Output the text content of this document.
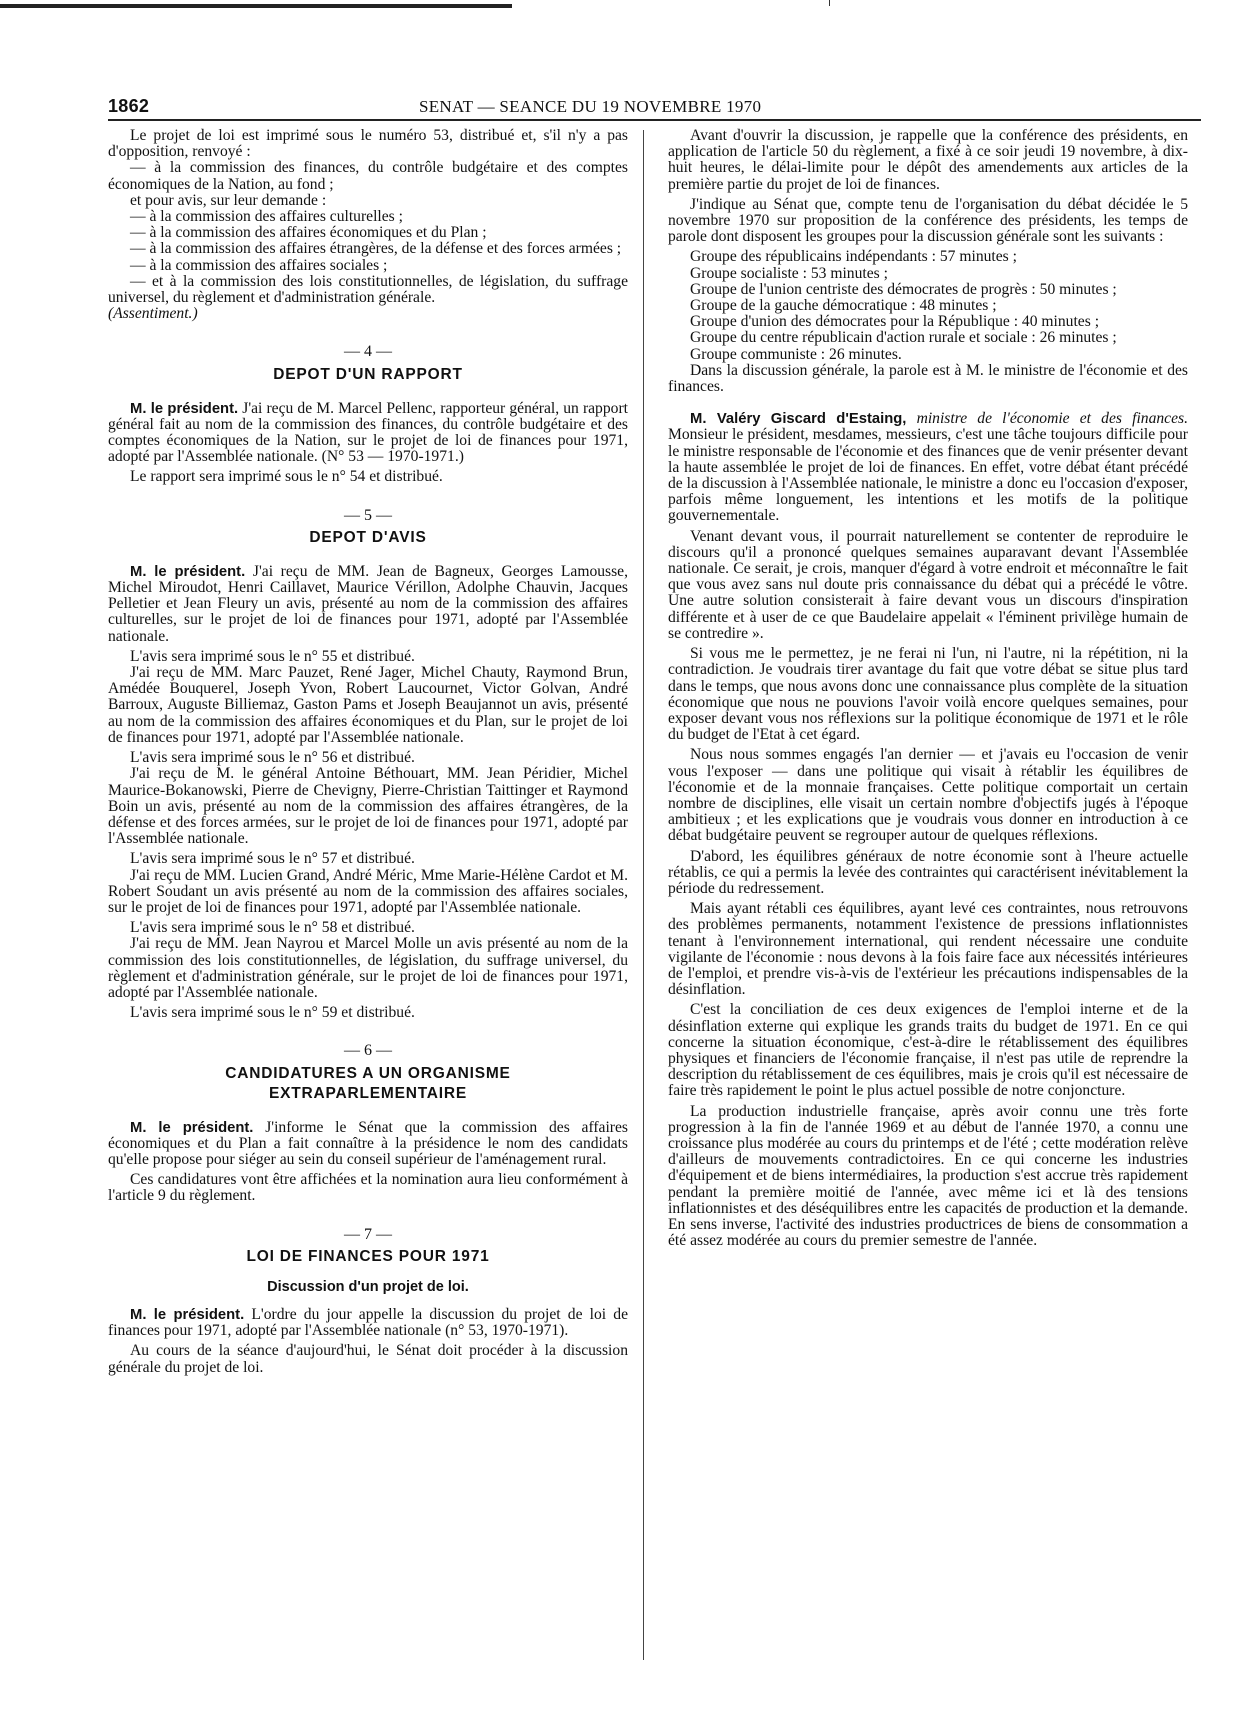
1862	SENAT — SEANCE DU 19 NOVEMBRE 1970

Le projet de loi est imprimé sous le numéro 53, distribué et, s'il n'y a pas d'opposition, renvoyé :

— à la commission des finances, du contrôle budgétaire et des comptes économiques de la Nation, au fond ;

et pour avis, sur leur demande :

— à la commission des affaires culturelles ;

— à la commission des affaires économiques et du Plan ;

— à la commission des affaires étrangères, de la défense et des forces armées ;

— à la commission des affaires sociales ;

— et à la commission des lois constitutionnelles, de législation, du suffrage universel, du règlement et d'administration générale.

(Assentiment.)

— 4 —
DEPOT D'UN RAPPORT

M. le président. J'ai reçu de M. Marcel Pellenc, rapporteur général, un rapport général fait au nom de la commission des finances, du contrôle budgétaire et des comptes économiques de la Nation, sur le projet de loi de finances pour 1971, adopté par l'Assemblée nationale. (N° 53 — 1970-1971.)

Le rapport sera imprimé sous le n° 54 et distribué.

— 5 —
DEPOT D'AVIS

M. le président. J'ai reçu de MM. Jean de Bagneux, Georges Lamousse, Michel Miroudot, Henri Caillavet, Maurice Vérillon, Adolphe Chauvin, Jacques Pelletier et Jean Fleury un avis, présenté au nom de la commission des affaires culturelles, sur le projet de loi de finances pour 1971, adopté par l'Assemblée nationale.

L'avis sera imprimé sous le n° 55 et distribué.

J'ai reçu de MM. Marc Pauzet, René Jager, Michel Chauty, Raymond Brun, Amédée Bouquerel, Joseph Yvon, Robert Laucournet, Victor Golvan, André Barroux, Auguste Billiemaz, Gaston Pams et Joseph Beaujannot un avis, présenté au nom de la commission des affaires économiques et du Plan, sur le projet de loi de finances pour 1971, adopté par l'Assemblée nationale.

L'avis sera imprimé sous le n° 56 et distribué.

J'ai reçu de M. le général Antoine Béthouart, MM. Jean Péridier, Michel Maurice-Bokanowski, Pierre de Chevigny, Pierre-Christian Taittinger et Raymond Boin un avis, présenté au nom de la commission des affaires étrangères, de la défense et des forces armées, sur le projet de loi de finances pour 1971, adopté par l'Assemblée nationale.

L'avis sera imprimé sous le n° 57 et distribué.

J'ai reçu de MM. Lucien Grand, André Méric, Mme Marie-Hélène Cardot et M. Robert Soudant un avis présenté au nom de la commission des affaires sociales, sur le projet de loi de finances pour 1971, adopté par l'Assemblée nationale.

L'avis sera imprimé sous le n° 58 et distribué.

J'ai reçu de MM. Jean Nayrou et Marcel Molle un avis présenté au nom de la commission des lois constitutionnelles, de législation, du suffrage universel, du règlement et d'administration générale, sur le projet de loi de finances pour 1971, adopté par l'Assemblée nationale.

L'avis sera imprimé sous le n° 59 et distribué.

— 6 —
CANDIDATURES A UN ORGANISME
EXTRAPARLEMENTAIRE

M. le président. J'informe le Sénat que la commission des affaires économiques et du Plan a fait connaître à la présidence le nom des candidats qu'elle propose pour siéger au sein du conseil supérieur de l'aménagement rural.

Ces candidatures vont être affichées et la nomination aura lieu conformément à l'article 9 du règlement.

— 7 —
LOI DE FINANCES POUR 1971
Discussion d'un projet de loi.

M. le président. L'ordre du jour appelle la discussion du projet de loi de finances pour 1971, adopté par l'Assemblée nationale (n° 53, 1970-1971).

Au cours de la séance d'aujourd'hui, le Sénat doit procéder à la discussion générale du projet de loi.

Avant d'ouvrir la discussion, je rappelle que la conférence des présidents, en application de l'article 50 du règlement, a fixé à ce soir jeudi 19 novembre, à dix-huit heures, le délai-limite pour le dépôt des amendements aux articles de la première partie du projet de loi de finances.

J'indique au Sénat que, compte tenu de l'organisation du débat décidée le 5 novembre 1970 sur proposition de la conférence des présidents, les temps de parole dont disposent les groupes pour la discussion générale sont les suivants :

Groupe des républicains indépendants : 57 minutes ;

Groupe socialiste : 53 minutes ;

Groupe de l'union centriste des démocrates de progrès : 50 minutes ;

Groupe de la gauche démocratique : 48 minutes ;

Groupe d'union des démocrates pour la République : 40 minutes ;

Groupe du centre républicain d'action rurale et sociale : 26 minutes ;

Groupe communiste : 26 minutes.

Dans la discussion générale, la parole est à M. le ministre de l'économie et des finances.

M. Valéry Giscard d'Estaing, ministre de l'économie et des finances. Monsieur le président, mesdames, messieurs, c'est une tâche toujours difficile pour le ministre responsable de l'économie et des finances que de venir présenter devant la haute assemblée le projet de loi de finances. En effet, votre débat étant précédé de la discussion à l'Assemblée nationale, le ministre a donc eu l'occasion d'exposer, parfois même longuement, les intentions et les motifs de la politique gouvernementale.

Venant devant vous, il pourrait naturellement se contenter de reproduire le discours qu'il a prononcé quelques semaines auparavant devant l'Assemblée nationale. Ce serait, je crois, manquer d'égard à votre endroit et méconnaître le fait que vous avez sans nul doute pris connaissance du débat qui a précédé le vôtre. Une autre solution consisterait à faire devant vous un discours d'inspiration différente et à user de ce que Baudelaire appelait « l'éminent privilège humain de se contredire ».

Si vous me le permettez, je ne ferai ni l'un, ni l'autre, ni la répétition, ni la contradiction. Je voudrais tirer avantage du fait que votre débat se situe plus tard dans le temps, que nous avons donc une connaissance plus complète de la situation économique que nous ne pouvions l'avoir voilà encore quelques semaines, pour exposer devant vous nos réflexions sur la politique économique de 1971 et le rôle du budget de l'Etat à cet égard.

Nous nous sommes engagés l'an dernier — et j'avais eu l'occasion de venir vous l'exposer — dans une politique qui visait à rétablir les équilibres de l'économie et de la monnaie françaises. Cette politique comportait un certain nombre de disciplines, elle visait un certain nombre d'objectifs jugés à l'époque ambitieux ; et les explications que je voudrais vous donner en introduction à ce débat budgétaire peuvent se regrouper autour de quelques réflexions.

D'abord, les équilibres généraux de notre économie sont à l'heure actuelle rétablis, ce qui a permis la levée des contraintes qui caractérisent inévitablement la période du redressement.

Mais ayant rétabli ces équilibres, ayant levé ces contraintes, nous retrouvons des problèmes permanents, notamment l'existence de pressions inflationnistes tenant à l'environnement international, qui rendent nécessaire une conduite vigilante de l'économie : nous devons à la fois faire face aux nécessités intérieures de l'emploi, et prendre vis-à-vis de l'extérieur les précautions indispensables de la désinflation.

C'est la conciliation de ces deux exigences de l'emploi interne et de la désinflation externe qui explique les grands traits du budget de 1971. En ce qui concerne la situation économique, c'est-à-dire le rétablissement des équilibres physiques et financiers de l'économie française, il n'est pas utile de reprendre la description du rétablissement de ces équilibres, mais je crois qu'il est nécessaire de faire très rapidement le point le plus actuel possible de notre conjoncture.

La production industrielle française, après avoir connu une très forte progression à la fin de l'année 1969 et au début de l'année 1970, a connu une croissance plus modérée au cours du printemps et de l'été ; cette modération relève d'ailleurs de mouvements contradictoires. En ce qui concerne les industries d'équipement et de biens intermédiaires, la production s'est accrue très rapidement pendant la première moitié de l'année, avec même ici et là des tensions inflationnistes et des déséquilibres entre les capacités de production et la demande. En sens inverse, l'activité des industries productrices de biens de consommation a été assez modérée au cours du premier semestre de l'année.
